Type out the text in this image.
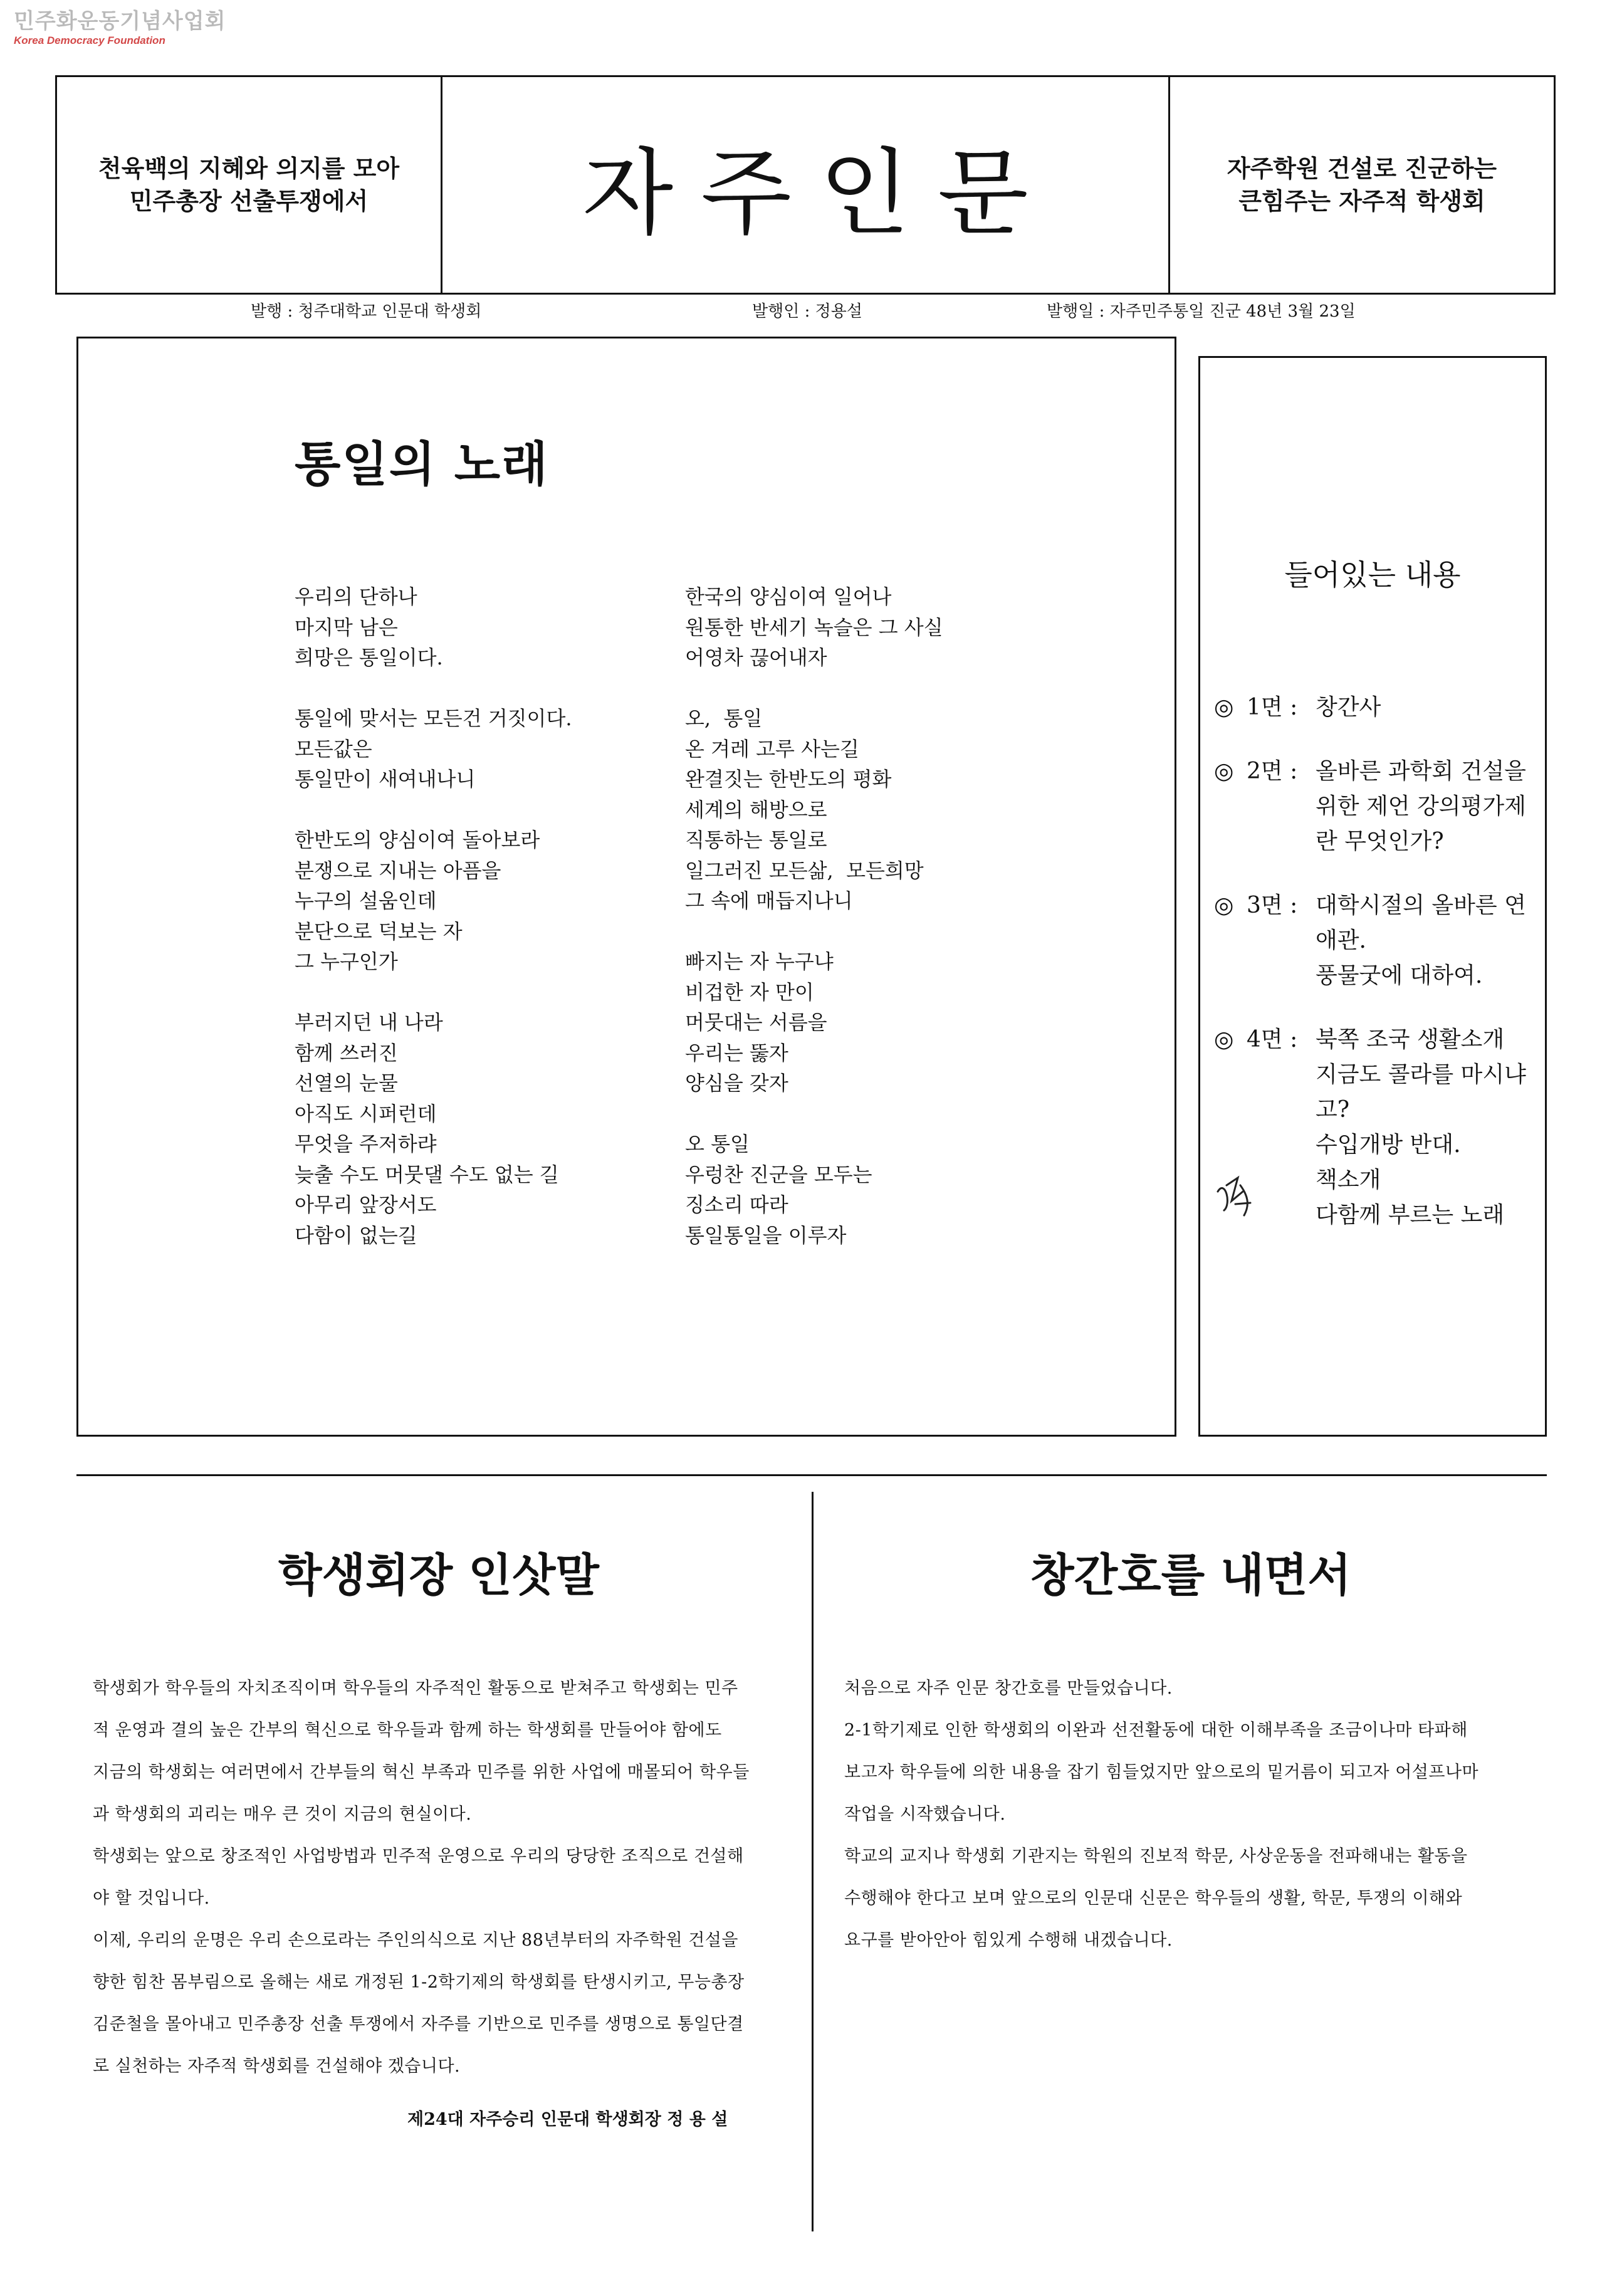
민주화운동기념사업회
Korea Democracy Foundation
천육백의 지혜와 의지를 모아
민주총장 선출투쟁에서 자주인문	자주학원 건설로 진군하는
큰힘주는 자주적 학생회
발행 : 청주대학교 인문대 학생회	발행인 : 정용설	발행일 : 자주민주통일 진군 48년 3월 23일
통일의 노래
우리의 단하나
마지막 남은
희망은 통일이다.
통일에 맞서는 모든건 거짓이다.
모든값은
통일만이 새여내나니
한반도의 양심이여 돌아보라
분쟁으로 지내는 아픔을
누구의 설움인데
분단으로 덕보는 자
그 누구인가
부러지던 내 나라
함께 쓰러진
선열의 눈물
아직도 시퍼런데
무엇을 주저하랴
늦출 수도 머뭇댈 수도 없는 길
아무리 앞장서도
다함이 없는길
한국의 양심이여 일어나
원통한 반세기 녹슬은 그 사실
어영차 끊어내자
오,  통일
온 겨레 고루 사는길
완결짓는 한반도의 평화
세계의 해방으로
직통하는 통일로
일그러진 모든삶,  모든희망
그 속에 매듭지나니
빠지는 자 누구냐
비겁한 자 만이
머뭇대는 서름을
우리는 뚫자
양심을 갖자
오 통일
우렁찬 진군을 모두는
징소리 따라
통일통일을 이루자
들어있는 내용
◎ 1면 : 창간사
◎ 2면 : 올바른 과학회 건설을
위한 제언 강의평가제
란 무엇인가?
◎ 3면 : 대학시절의 올바른 연
애관.
풍물굿에 대하여.
◎ 4면 : 북쪽 조국 생활소개
지금도 콜라를 마시냐
고?
수입개방 반대.
책소개
다함께 부르는 노래
학생회장 인삿말
학생회가 학우들의 자치조직이며 학우들의 자주적인 활동으로 받쳐주고 학생회는 민주
적 운영과 결의 높은 간부의 혁신으로 학우들과 함께 하는 학생회를 만들어야 함에도
지금의 학생회는 여러면에서 간부들의 혁신 부족과 민주를 위한 사업에 매몰되어 학우들
과 학생회의 괴리는 매우 큰 것이 지금의 현실이다.
학생회는 앞으로 창조적인 사업방법과 민주적 운영으로 우리의 당당한 조직으로 건설해
야 할 것입니다.
이제, 우리의 운명은 우리 손으로라는 주인의식으로 지난 88년부터의 자주학원 건설을
향한 힘찬 몸부림으로 올해는 새로 개정된 1-2학기제의 학생회를 탄생시키고, 무능총장
김준철을 몰아내고 민주총장 선출 투쟁에서 자주를 기반으로 민주를 생명으로 통일단결
로 실천하는 자주적 학생회를 건설해야 겠습니다.
제24대 자주승리 인문대 학생회장 정 용 설
창간호를 내면서
처음으로 자주 인문 창간호를 만들었습니다.
2-1학기제로 인한 학생회의 이완과 선전활동에 대한 이해부족을 조금이나마 타파해
보고자 학우들에 의한 내용을 잡기 힘들었지만 앞으로의 밑거름이 되고자 어설프나마
작업을 시작했습니다.
학교의 교지나 학생회 기관지는 학원의 진보적 학문, 사상운동을 전파해내는 활동을
수행해야 한다고 보며 앞으로의 인문대 신문은 학우들의 생활, 학문, 투쟁의 이해와
요구를 받아안아 힘있게 수행해 내겠습니다.
